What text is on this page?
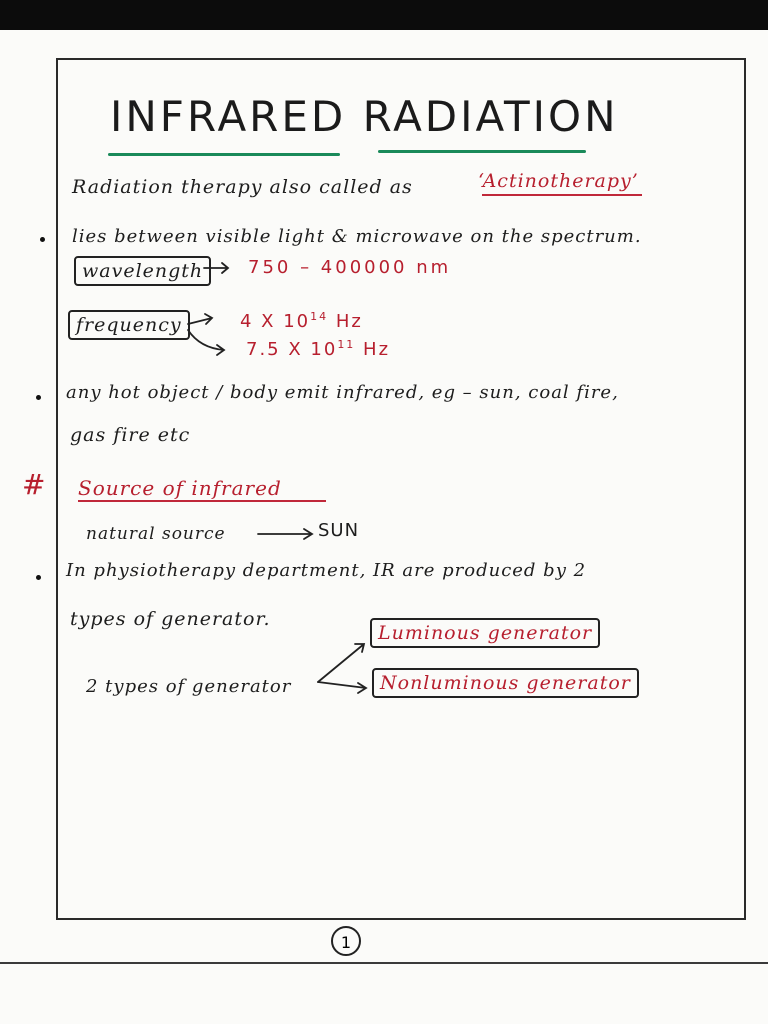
INFRARED RADIATION
Radiation therapy also called as	‘Actinotherapy’
lies between visible light & microwave on the spectrum.
wavelength	750 – 400000 nm
frequency	4 X $10^{14}$ Hz
7.5 X $10^{11}$ Hz
any hot object / body emit infrared, eg – sun, coal fire,
gas fire etc
# Source of infrared
natural source	SUN
In physiotherapy department, IR are produced by 2
types of generator.
2 types of generator
Luminous generator
Nonluminous generator
1
